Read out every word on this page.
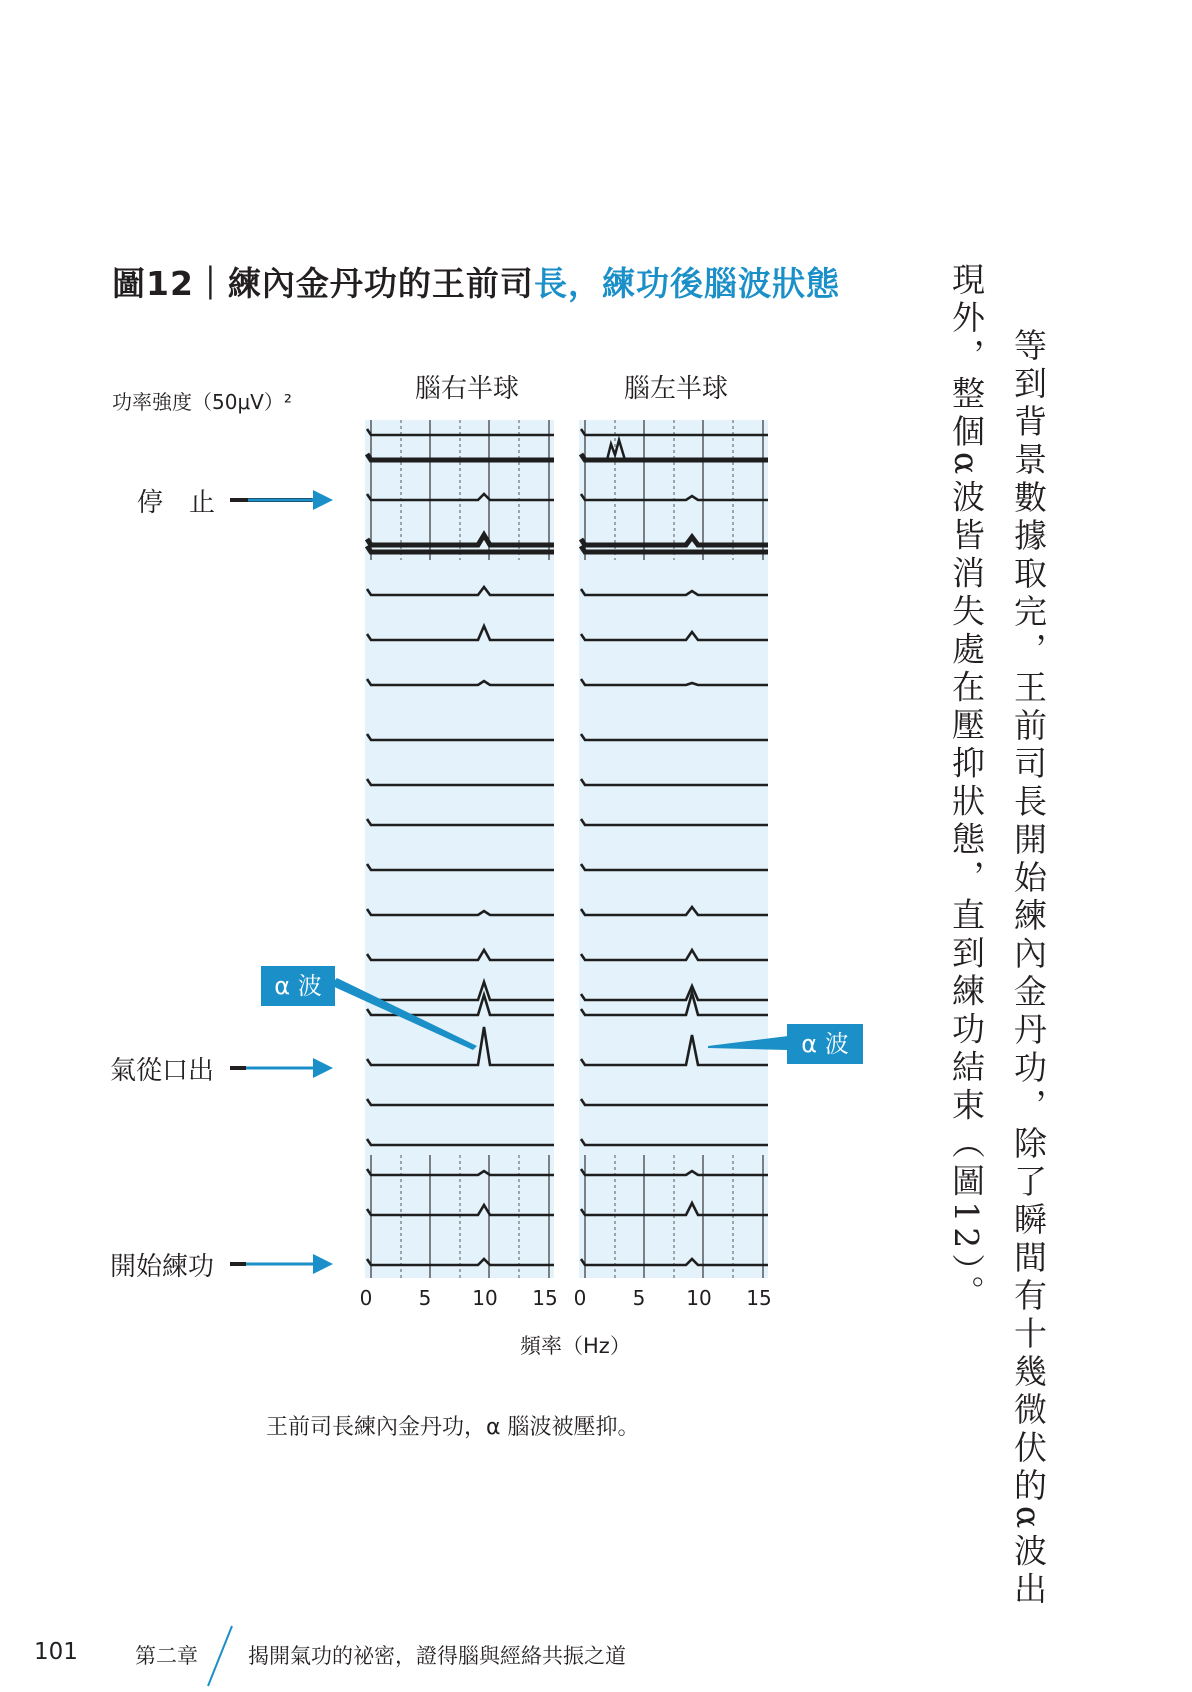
圖12｜練內金丹功的王前司長，練功後腦波狀態
功率強度（50μV）²	腦右半球	腦左半球
停　止
氣從口出
開始練功
α 波
α 波
0	5	10 15 0	5	10 15
頻率（Hz）
王前司長練內金丹功，α 腦波被壓抑。	等到背景數據取完，王前司長開始練內金丹功，除了瞬間有十幾微伏的α波出
現外，整個α波皆消失處在壓抑狀態，直到練功結束（圖12）。
101	第二章 揭開氣功的祕密，證得腦與經絡共振之道
